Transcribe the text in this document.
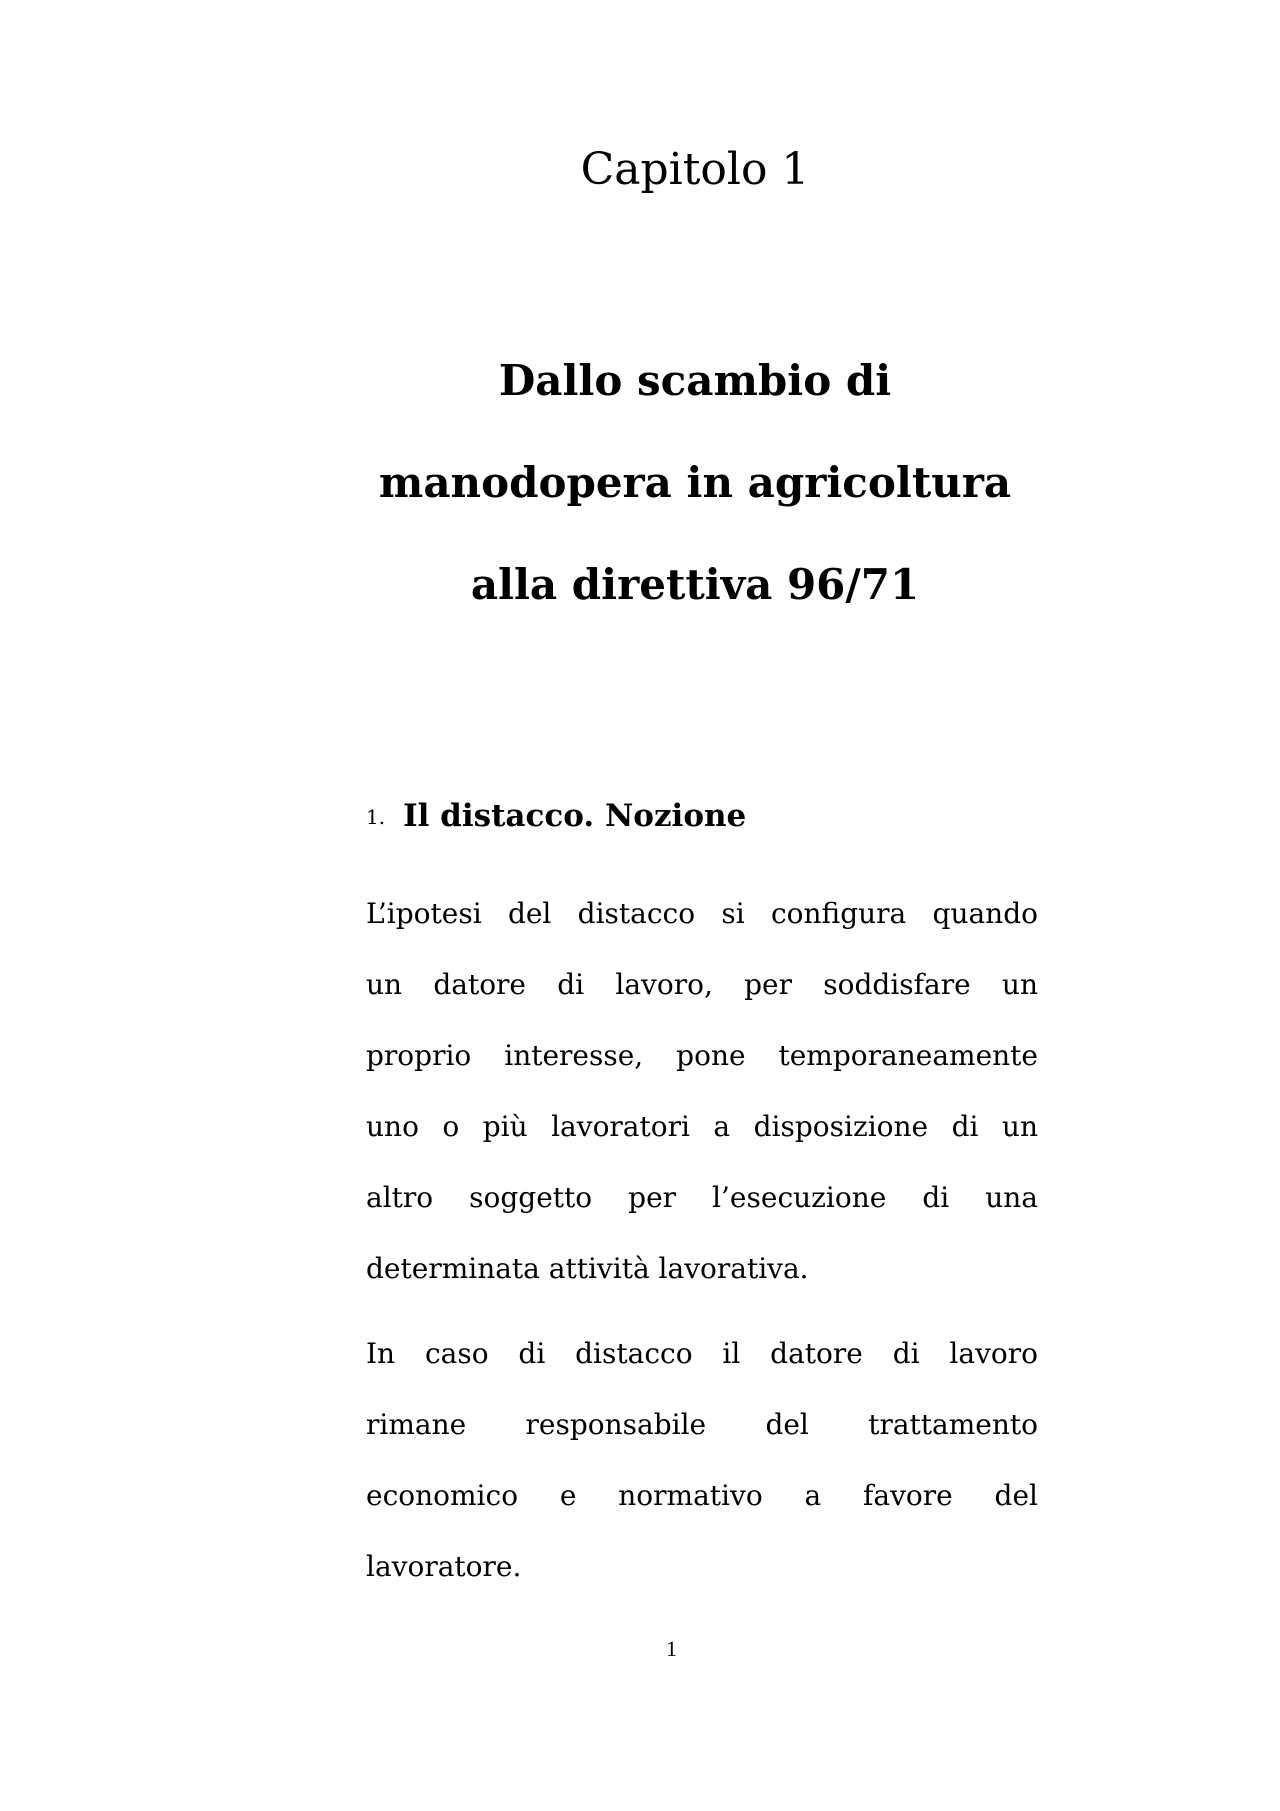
Capitolo 1
Dallo scambio di
manodopera in agricoltura
alla direttiva 96/71
1. Il distacco. Nozione

L’ipotesi del distacco si configura quando
un datore di lavoro, per soddisfare un
proprio interesse, pone temporaneamente
uno o più lavoratori a disposizione di un
altro soggetto per l’esecuzione di una
determinata attività lavorativa.

In caso di distacco il datore di lavoro
rimane responsabile del trattamento
economico e normativo a favore del
lavoratore.

1
